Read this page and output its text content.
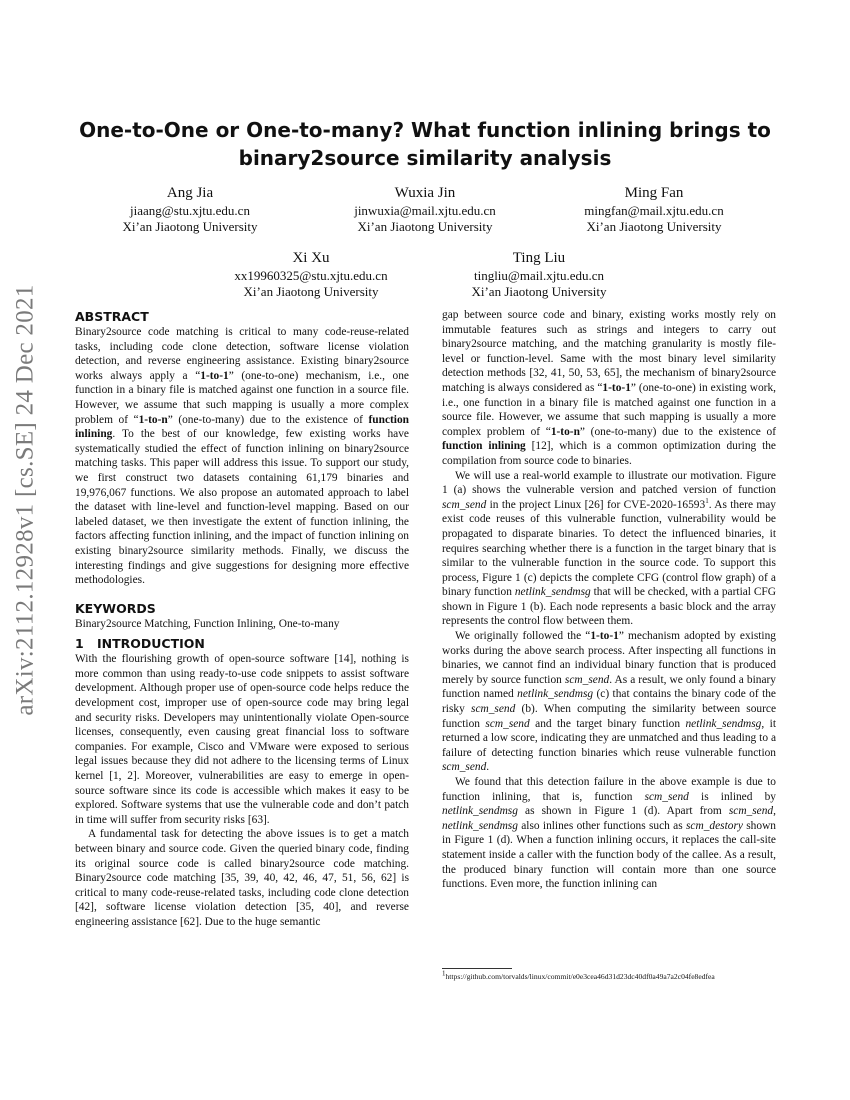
arXiv:2112.12928v1 [cs.SE] 24 Dec 2021
One-to-One or One-to-many? What function inlining brings to
binary2source similarity analysis
Ang Jia
jiaang@stu.xjtu.edu.cn
Xi’an Jiaotong University
Wuxia Jin
jinwuxia@mail.xjtu.edu.cn
Xi’an Jiaotong University
Ming Fan
mingfan@mail.xjtu.edu.cn
Xi’an Jiaotong University
Xi Xu
xx19960325@stu.xjtu.edu.cn
Xi’an Jiaotong University
Ting Liu
tingliu@mail.xjtu.edu.cn
Xi’an Jiaotong University
ABSTRACT

Binary2source code matching is critical to many code-reuse-related tasks, including code clone detection, software license violation detection, and reverse engineering assistance. Existing binary2source works always apply a “1-to-1” (one-to-one) mechanism, i.e., one function in a binary file is matched against one function in a source file. However, we assume that such mapping is usually a more complex problem of “1-to-n” (one-to-many) due to the existence of function inlining. To the best of our knowledge, few existing works have systematically studied the effect of function inlining on binary2source matching tasks. This paper will address this issue. To support our study, we first construct two datasets containing 61,179 binaries and 19,976,067 functions. We also propose an automated approach to label the dataset with line-level and function-level mapping. Based on our labeled dataset, we then investigate the extent of function inlining, the factors affecting function inlining, and the impact of function inlining on existing binary2source similarity methods. Finally, we discuss the interesting findings and give suggestions for designing more effective methodologies.

KEYWORDS

Binary2source Matching, Function Inlining, One-to-many

1 INTRODUCTION

With the flourishing growth of open-source software [14], nothing is more common than using ready-to-use code snippets to assist software development. Although proper use of open-source code helps reduce the development cost, improper use of open-source code may bring legal and security risks. Developers may unintentionally violate Open-source licenses, consequently, even causing great financial loss to software companies. For example, Cisco and VMware were exposed to serious legal issues because they did not adhere to the licensing terms of Linux kernel [1, 2]. Moreover, vulnerabilities are easy to emerge in open-source software since its code is accessible which makes it easy to be explored. Software systems that use the vulnerable code and don’t patch in time will suffer from security risks [63].

A fundamental task for detecting the above issues is to get a match between binary and source code. Given the queried binary code, finding its original source code is called binary2source code matching. Binary2source code matching [35, 39, 40, 42, 46, 47, 51, 56, 62] is critical to many code-reuse-related tasks, including code clone detection [42], software license violation detection [35, 40], and reverse engineering assistance [62]. Due to the huge semantic

gap between source code and binary, existing works mostly rely on immutable features such as strings and integers to carry out binary2source matching, and the matching granularity is mostly file-level or function-level. Same with the most binary level similarity detection methods [32, 41, 50, 53, 65], the mechanism of binary2source matching is always considered as “1-to-1” (one-to-one) in existing work, i.e., one function in a binary file is matched against one function in a source file. However, we assume that such mapping is usually a more complex problem of “1-to-n” (one-to-many) due to the existence of function inlining [12], which is a common optimization during the compilation from source code to binaries.

We will use a real-world example to illustrate our motivation. Figure 1 (a) shows the vulnerable version and patched version of function scm_send in the project Linux [26] for CVE-2020-16593$^1$. As there may exist code reuses of this vulnerable function, vulnerability would be propagated to disparate binaries. To detect the influenced binaries, it requires searching whether there is a function in the target binary that is similar to the vulnerable function in the source code. To support this process, Figure 1 (c) depicts the complete CFG (control flow graph) of a binary function netlink_sendmsg that will be checked, with a partial CFG shown in Figure 1 (b). Each node represents a basic block and the array represents the control flow between them.

We originally followed the “1-to-1” mechanism adopted by existing works during the above search process. After inspecting all functions in binaries, we cannot find an individual binary function that is produced merely by source function scm_send. As a result, we only found a binary function named netlink_sendmsg (c) that contains the binary code of the risky scm_send (b). When computing the similarity between source function scm_send and the target binary function netlink_sendmsg, it returned a low score, indicating they are unmatched and thus leading to a failure of detecting function binaries which reuse vulnerable function scm_send.

We found that this detection failure in the above example is due to function inlining, that is, function scm_send is inlined by netlink_sendmsg as shown in Figure 1 (d). Apart from scm_send, netlink_sendmsg also inlines other functions such as scm_destory shown in Figure 1 (d). When a function inlining occurs, it replaces the call-site statement inside a caller with the function body of the callee. As a result, the produced binary function will contain more than one source functions. Even more, the function inlining can

$^1$https://github.com/torvalds/linux/commit/e0e3cea46d31d23dc40df0a49a7a2c04fe8edfea
